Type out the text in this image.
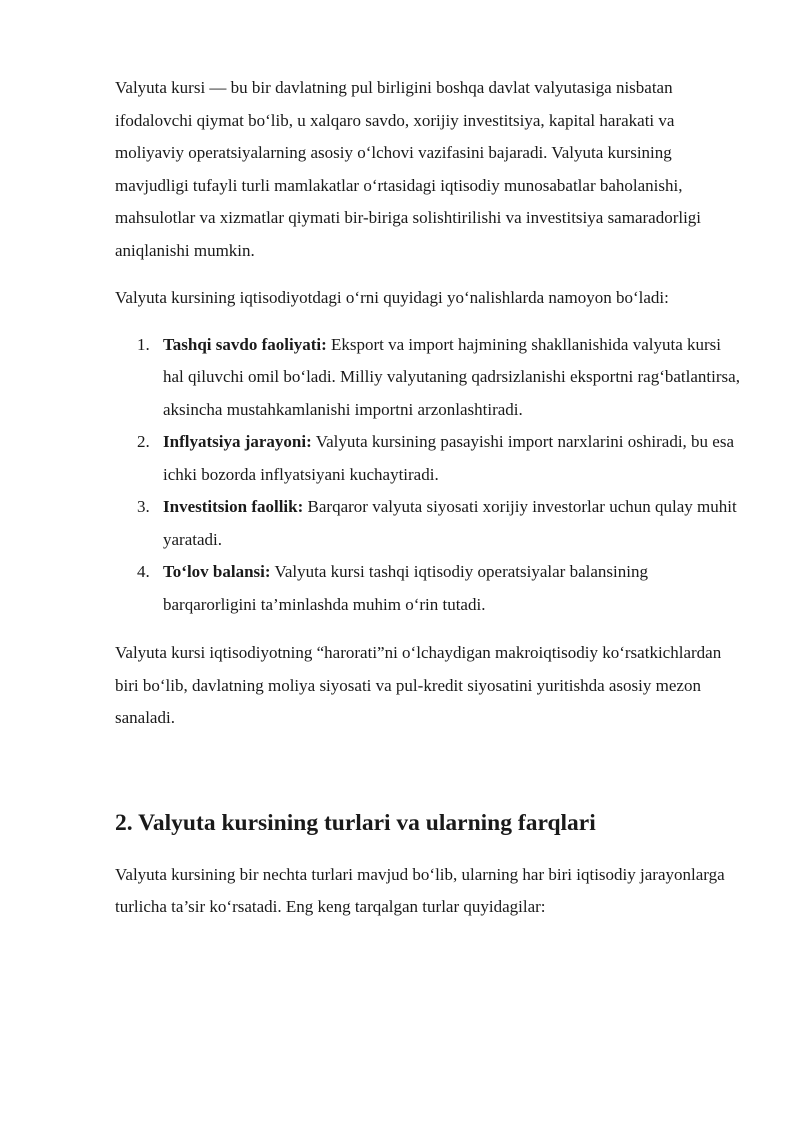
Valyuta kursi — bu bir davlatning pul birligini boshqa davlat valyutasiga nisbatan ifodalovchi qiymat bo‘lib, u xalqaro savdo, xorijiy investitsiya, kapital harakati va moliyaviy operatsiyalarning asosiy o‘lchovi vazifasini bajaradi. Valyuta kursining mavjudligi tufayli turli mamlakatlar o‘rtasidagi iqtisodiy munosabatlar baholanishi, mahsulotlar va xizmatlar qiymati bir-biriga solishtirilishi va investitsiya samaradorligi aniqlanishi mumkin.

Valyuta kursining iqtisodiyotdagi o‘rni quyidagi yo‘nalishlarda namoyon bo‘ladi:

1. Tashqi savdo faoliyati: Eksport va import hajmining shakllanishida valyuta kursi hal qiluvchi omil bo‘ladi. Milliy valyutaning qadrsizlanishi eksportni rag‘batlantirsa, aksincha mustahkamlanishi importni arzonlashtiradi.
2. Inflyatsiya jarayoni: Valyuta kursining pasayishi import narxlarini oshiradi, bu esa ichki bozorda inflyatsiyani kuchaytiradi.
3. Investitsion faollik: Barqaror valyuta siyosati xorijiy investorlar uchun qulay muhit yaratadi.
4. To‘lov balansi: Valyuta kursi tashqi iqtisodiy operatsiyalar balansining barqarorligini ta’minlashda muhim o‘rin tutadi.

Valyuta kursi iqtisodiyotning “harorati”ni o‘lchaydigan makroiqtisodiy ko‘rsatkichlardan biri bo‘lib, davlatning moliya siyosati va pul-kredit siyosatini yuritishda asosiy mezon sanaladi.

2. Valyuta kursining turlari va ularning farqlari

Valyuta kursining bir nechta turlari mavjud bo‘lib, ularning har biri iqtisodiy jarayonlarga turlicha ta’sir ko‘rsatadi. Eng keng tarqalgan turlar quyidagilar:
